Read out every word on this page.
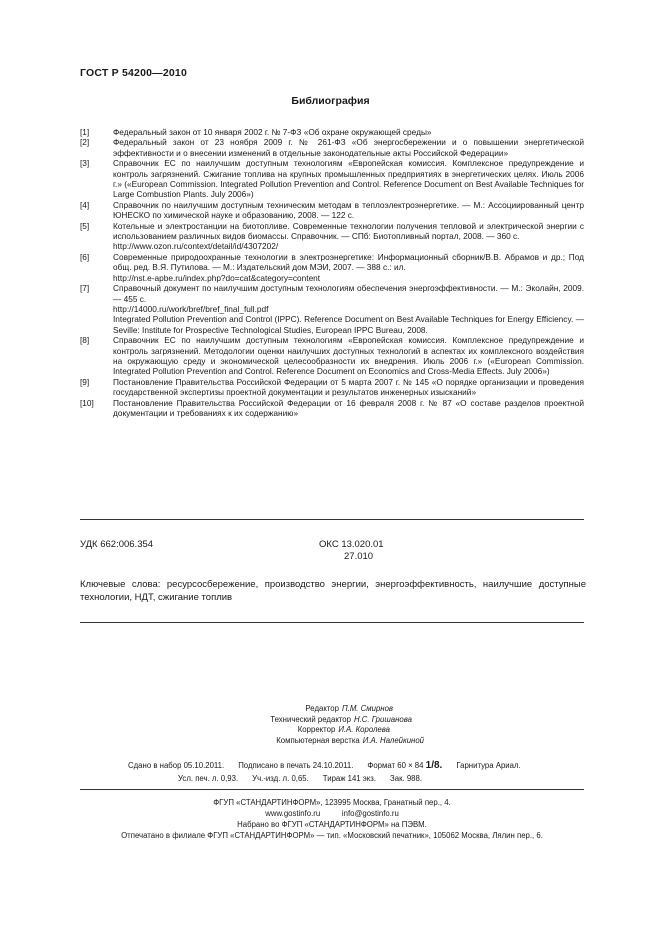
ГОСТ Р 54200—2010
Библиография
[1]	Федеральный закон от 10 января 2002 г. № 7-ФЗ «Об охране окружающей среды»

[2]	Федеральный закон от 23 ноября 2009 г. № 261-ФЗ «Об энергосбережении и о повышении энергетической эффективности и о внесении изменений в отдельные законодательные акты Российской Федерации»

[3]	Справочник ЕС по наилучшим доступным технологиям «Европейская комиссия. Комплексное предупреждение и контроль загрязнений. Сжигание топлива на крупных промышленных предприятиях в энергетических целях. Июль 2006 г.» («European Commission. Integrated Pollution Prevention and Control. Reference Document on Best Available Techniques for Large Combustion Plants. July 2006»)

[4]	Справочник по наилучшим доступным техническим методам в теплоэлектроэнергетике. — М.: Ассоциированный центр ЮНЕСКО по химической науке и образованию, 2008. — 122 с.

[5]	Котельные и электростанции на биотопливе. Современные технологии получения тепловой и электрической энергии с использованием различных видов биомассы. Справочник. — СПб: Биотопливный портал, 2008. — 360 с.

http://www.ozon.ru/context/detail/id/4307202/

[6]	Современные природоохранные технологии в электроэнергетике: Информационный сборник/В.В. Абрамов и др.; Под общ. ред. В.Я. Путилова. — М.: Издательский дом МЭИ, 2007. — 388 с.: ил.

http://nst.e-apbe.ru/index.php?do=cat&category=content

[7]	Справочный документ по наилучшим доступным технологиям обеспечения энергоэффективности. — М.: Эколайн, 2009. — 455 с.

http://14000.ru/work/bref/bref_final_full.pdf

Integrated Pollution Prevention and Control (IPPC). Reference Document on Best Available Techniques for Energy Efficiency. — Seville: Institute for Prospective Technological Studies, European IPPC Bureau, 2008.

[8]	Справочник ЕС по наилучшим доступным технологиям «Европейская комиссия. Комплексное предупреждение и контроль загрязнений. Методологии оценки наилучших доступных технологий в аспектах их комплексного воздействия на окружающую среду и экономической целесообразности их внедрения. Июль 2006 г.» («European Commission. Integrated Pollution Prevention and Control. Reference Document on Economics and Cross-Media Effects. July 2006»)

[9]	Постановление Правительства Российской Федерации от 5 марта 2007 г. № 145 «О порядке организации и проведения государственной экспертизы проектной документации и результатов инженерных изысканий»

[10]	Постановление Правительства Российской Федерации от 16 февраля 2008 г. № 87 «О составе разделов проектной документации и требованиях к их содержанию»

УДК 662:006.354	ОКС 13.020.01
27.010
Ключевые слова: ресурсосбережение, производство энергии, энергоэффективность, наилучшие доступные технологии, НДТ, сжигание топлив
Редактор П.М. Смирнов
Технический редактор Н.С. Гришанова
Корректор И.А. Королева
Компьютерная верстка И.А. Налейкиной
Сдано в набор 05.10.2011. Подписано в печать 24.10.2011. Формат 60 × 84 1/8. Гарнитура Ариал.
Усл. печ. л. 0,93. Уч.-изд. л. 0,65. Тираж 141 экз. Зак. 988.
ФГУП «СТАНДАРТИНФОРМ», 123995 Москва, Гранатный пер., 4.
www.gostinfo.ru          info@gostinfo.ru
Набрано во ФГУП «СТАНДАРТИНФОРМ» на ПЭВМ.
Отпечатано в филиале ФГУП «СТАНДАРТИНФОРМ» — тип. «Московский печатник», 105062 Москва, Лялин пер., 6.
